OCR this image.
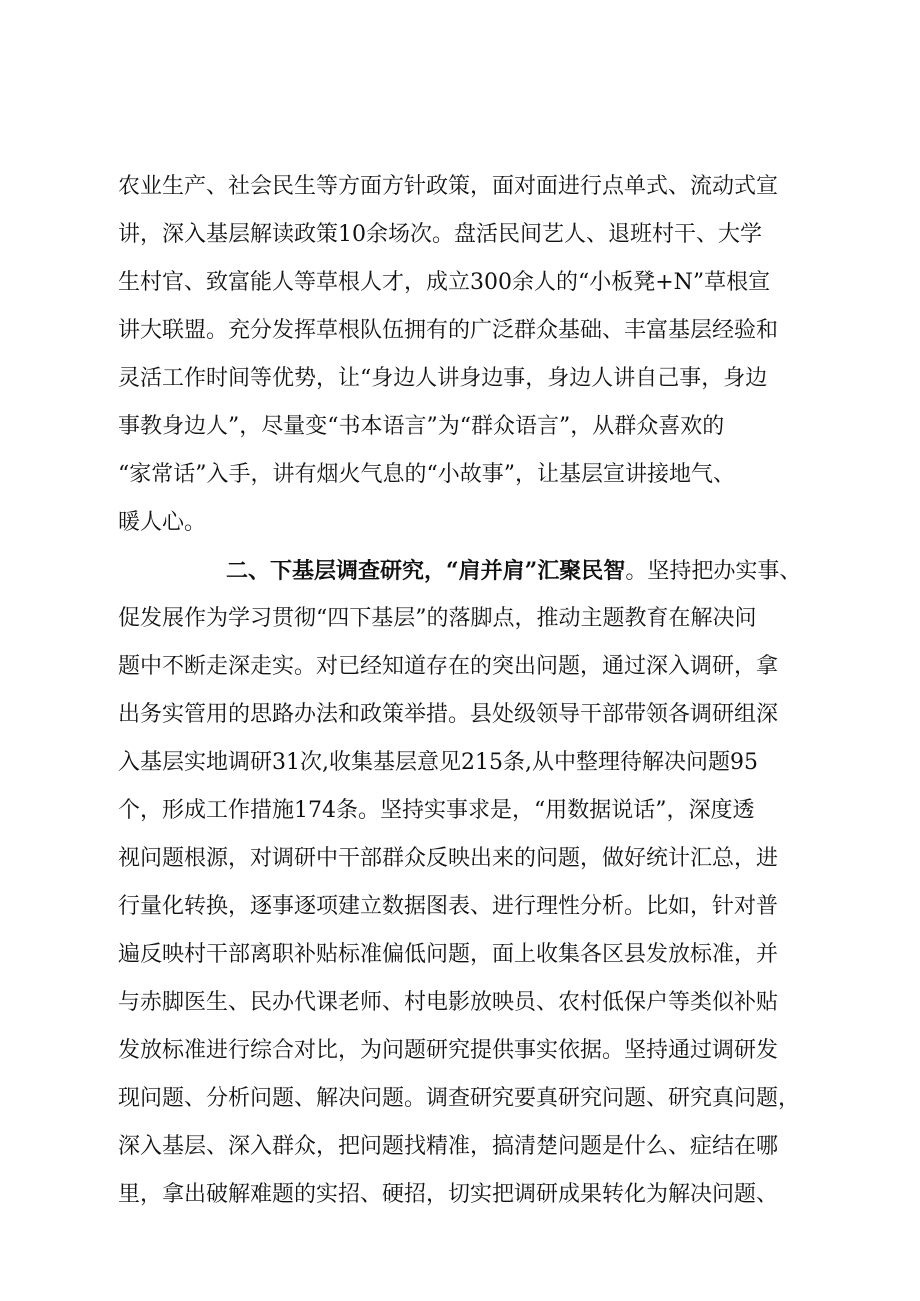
农业生产、社会民生等方面方针政策，面对面进行点单式、流动式宣
讲，深入基层解读政策10余场次。盘活民间艺人、退班村干、大学
生村官、致富能人等草根人才，成立300余人的“小板凳+N”草根宣
讲大联盟。充分发挥草根队伍拥有的广泛群众基础、丰富基层经验和
灵活工作时间等优势，让“身边人讲身边事，身边人讲自己事，身边
事教身边人”，尽量变“书本语言”为“群众语言”，从群众喜欢的
“家常话”入手，讲有烟火气息的“小故事”，让基层宣讲接地气、
暖人心。
二、下基层调查研究，“肩并肩”汇聚民智。坚持把办实事、
促发展作为学习贯彻“四下基层”的落脚点，推动主题教育在解决问
题中不断走深走实。对已经知道存在的突出问题，通过深入调研，拿
出务实管用的思路办法和政策举措。县处级领导干部带领各调研组深
入基层实地调研31次,收集基层意见215条,从中整理待解决问题95
个，形成工作措施174条。坚持实事求是，“用数据说话”，深度透
视问题根源，对调研中干部群众反映出来的问题，做好统计汇总，进
行量化转换，逐事逐项建立数据图表、进行理性分析。比如，针对普
遍反映村干部离职补贴标准偏低问题，面上收集各区县发放标准，并
与赤脚医生、民办代课老师、村电影放映员、农村低保户等类似补贴
发放标准进行综合对比，为问题研究提供事实依据。坚持通过调研发
现问题、分析问题、解决问题。调查研究要真研究问题、研究真问题，
深入基层、深入群众，把问题找精准，搞清楚问题是什么、症结在哪
里，拿出破解难题的实招、硬招，切实把调研成果转化为解决问题、
